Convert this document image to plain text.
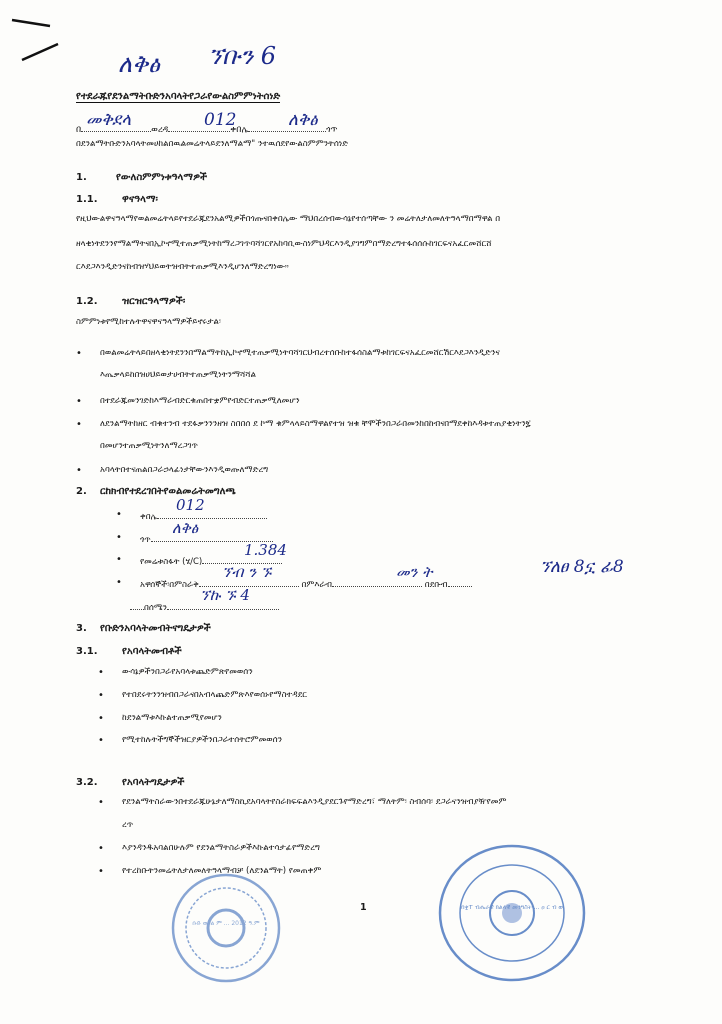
ለቅፅ ኘቡን 6
የተደራጁየደንልማትቡድንአባላትየጋራየውልስምምነትሰነድ
በ	ወረዳ	ቀበሌ	ጎጥ
መቅደላ	012	ለቅፅ
በደንልማትቡድንአባላትመሀከልበዉልመሬትላይደንለማልማ" ንተዉሰደየውልስምምንትሰነድ
1.	የውለስምምነቱዓላማዎች
1.1. ዋናዓላማ፡
የዚህውልዋናዓላማየወልመሬትላይየተደራጁደንአልሚዎችበጎጡናበቀበሌው ማህበረሰብውሳኔየተሰጣቸው ን መሬትለታለመለትዓላማበማዋል በ
ዘላቂነትደንንየማልማትናበኢኮኖሚተጠቃሚነትከማረጋገጥባሻገርየአከባቢውስነምህዳርእንዲያገግምበማድረግተፋሰሰሱከገርፍናአፈርመሸርሸ
ርእደጋእንዲድንናከብዝሃህይወትዝብትተጠቃሚእንዲሆንለማድረግነው።
1.2. ዝርዝርዓላማዎች፡
ስምምነቱየሚከተሉትዋናዋናዓላማዎችይኖሩታል፡
• በወልመሬትላይበዘላቂነትደንንበማልማትከኢኮኖሚተጠቃሚነትባሻገርህብረተሰቡከተፋሰስልማቱከገርፍናአፈርመሸርሽርእደጋእንዲድንና
እጤቃላይከበዝሀህይወታሀብትተጠቃሚነትንማሻሻል
• በተደራጁመንገድከእማራብድርቁጠበተቋምየብድርተጠቃሚለመሆን
• ለደንልማትከዘር ብቁተንብ ተደፋቃንንንዘዝ ስበበሰ ደ ኮማ ቁምላላይስማዋልየተዝ ዝቁ ቸሞችንበጋራበመንከበከብናበማደቀከእዳቱተጠያቂነትን፯
በመሆንተጠቃሚነትንለማረጋገጥ
• አባላትበተናጠልበጋራኃላፊነታቸውንእንዲወጡለማድረግ
2. ርከክብየተደረገበትየወልመሬትመግለጫ
• ቀበሌ
012
• ጎጥ
ለቅፅ
• የመሬቱስፋት (ሄ/C)
1.384
• አዋሰኞች፡በምስራቅ	በምእራብ	በደቡብ
ኘብ ን ኙ	መን ት	ኘለፀ 8ኗ ፊ8
በሰሜን
ኘኩ ኙ 4
3. የቡድንአባላትመብትናግዴታዎች
3.1. የአባላትመብቶች
• ውሳኔዎችንበጋራየአባላቱጨድምጽየመወሰን
• የተበደሩትንንዝብበጋራናበአብላጨድምጽእየወሰኑየማስተዳደር
• ከደንልማቱእኩልተጠቃሚየመሆን
• የሚተከሉትችግኞችዝርያዎችንበጋራተሰትሮምመወሰን
3.2. የአባላትግዴታዎች
• የደንልማትስራውንበተደራጁሁኔታለማስኪደአባላትየስራክፍፍልእንዲያደርጉየማድረግ፣ ማለትም፡ ስብሰባ፡ ደጋራናንዝብያዥየመም
ረጥ
• እያንዳንዱአባልበሁሉም የደንልማትስራዎችእኩልተሳታፊየማድረግ
• የተረከቡትንመሬትለታለመለትዓላማብቻ (ለደንልማት) የመጠቀም
1
ቡድ ው ል ም ... 2012 ዓ.ም
በቋፐ ብሔራዊ ክልላዊ መንግስት ... ዐ ር ብ ወ
